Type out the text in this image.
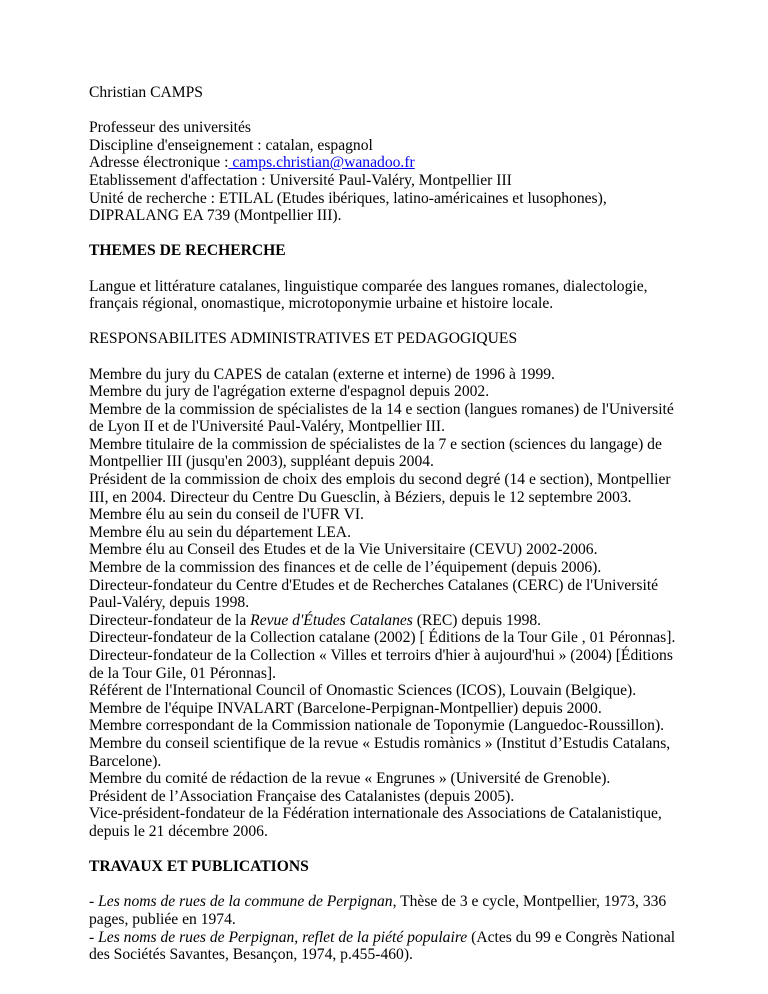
Christian CAMPS

Professeur des universités

Discipline d'enseignement : catalan, espagnol

Adresse électronique : camps.christian@wanadoo.fr

Etablissement d'affectation : Université Paul-Valéry, Montpellier III

Unité de recherche : ETILAL (Etudes ibériques, latino-américaines et lusophones),

DIPRALANG EA 739 (Montpellier III).

THEMES DE RECHERCHE

Langue et littérature catalanes, linguistique comparée des langues romanes, dialectologie,

français régional, onomastique, microtoponymie urbaine et histoire locale.

RESPONSABILITES ADMINISTRATIVES ET PEDAGOGIQUES

Membre du jury du CAPES de catalan (externe et interne) de 1996 à 1999.

Membre du jury de l'agrégation externe d'espagnol depuis 2002.

Membre de la commission de spécialistes de la 14 e section (langues romanes) de l'Université

de Lyon II et de l'Université Paul-Valéry, Montpellier III.

Membre titulaire de la commission de spécialistes de la 7 e section (sciences du langage) de

Montpellier III (jusqu'en 2003), suppléant depuis 2004.

Président de la commission de choix des emplois du second degré (14 e section), Montpellier

III, en 2004. Directeur du Centre Du Guesclin, à Béziers, depuis le 12 septembre 2003.

Membre élu au sein du conseil de l'UFR VI.

Membre élu au sein du département LEA.

Membre élu au Conseil des Etudes et de la Vie Universitaire (CEVU) 2002-2006.

Membre de la commission des finances et de celle de l’équipement (depuis 2006).

Directeur-fondateur du Centre d'Etudes et de Recherches Catalanes (CERC) de l'Université

Paul-Valéry, depuis 1998.

Directeur-fondateur de la Revue d'Études Catalanes (REC) depuis 1998.

Directeur-fondateur de la Collection catalane (2002) [ Éditions de la Tour Gile , 01 Péronnas].

Directeur-fondateur de la Collection « Villes et terroirs d'hier à aujourd'hui » (2004) [Éditions

de la Tour Gile, 01 Péronnas].

Référent de l'International Council of Onomastic Sciences (ICOS), Louvain (Belgique).

Membre de l'équipe INVALART (Barcelone-Perpignan-Montpellier) depuis 2000.

Membre correspondant de la Commission nationale de Toponymie (Languedoc-Roussillon).

Membre du conseil scientifique de la revue « Estudis romànics » (Institut d’Estudis Catalans,

Barcelone).

Membre du comité de rédaction de la revue « Engrunes » (Université de Grenoble).

Président de l’Association Française des Catalanistes (depuis 2005).

Vice-président-fondateur de la Fédération internationale des Associations de Catalanistique,

depuis le 21 décembre 2006.

TRAVAUX ET PUBLICATIONS

- Les noms de rues de la commune de Perpignan, Thèse de 3 e cycle, Montpellier, 1973, 336

pages, publiée en 1974.

- Les noms de rues de Perpignan, reflet de la piété populaire (Actes du 99 e Congrès National

des Sociétés Savantes, Besançon, 1974, p.455-460).
